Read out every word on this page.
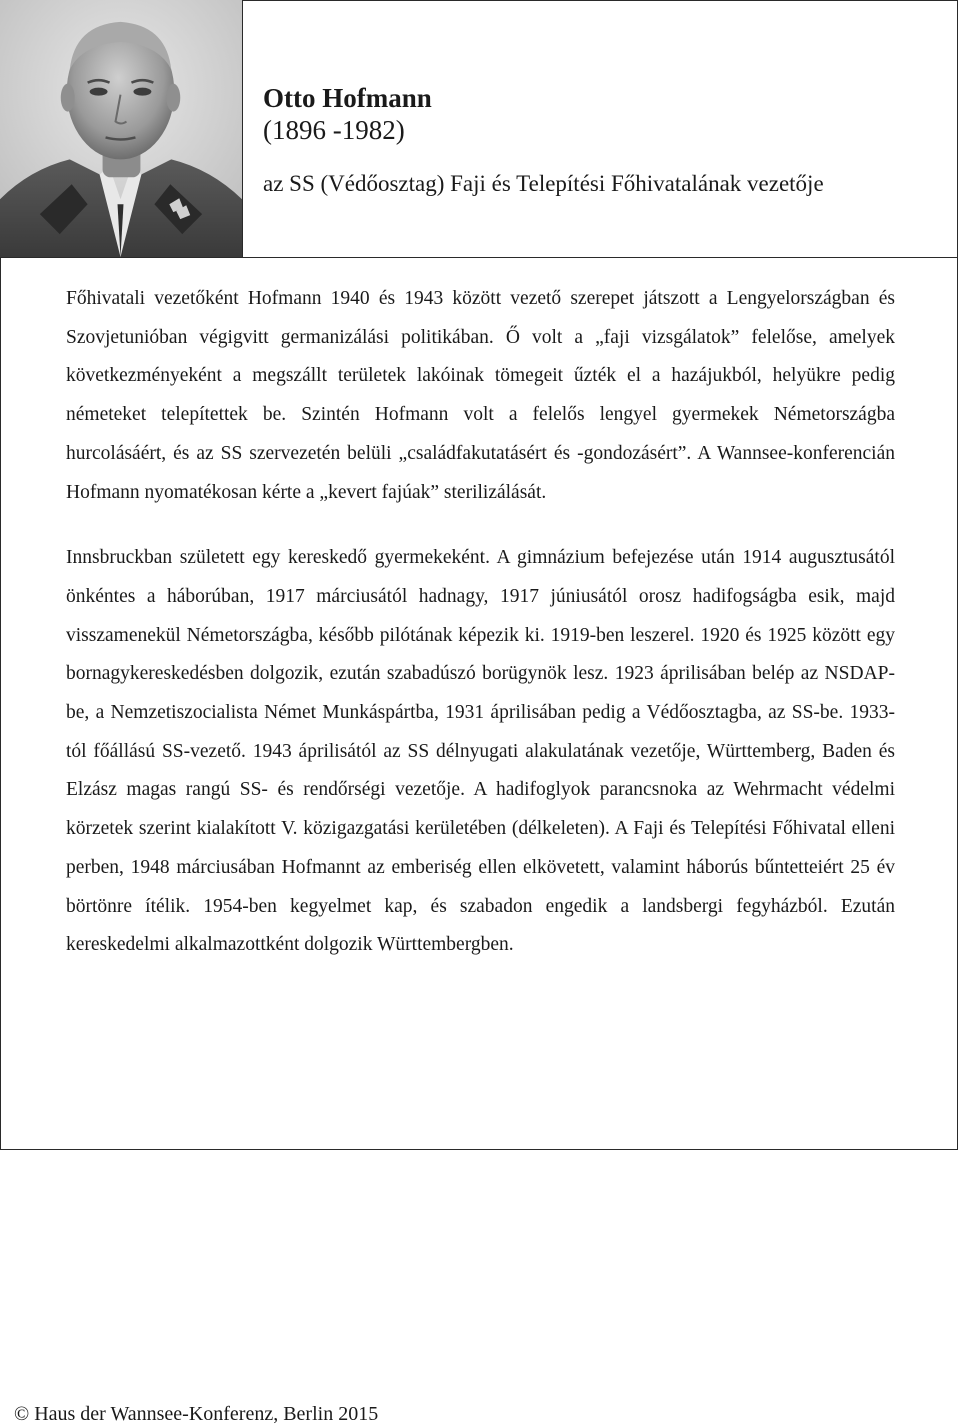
Otto Hofmann
(1896 -1982)
az SS (Védőosztag) Faji és Telepítési Főhivatalának vezetője

Főhivatali vezetőként Hofmann 1940 és 1943 között vezető szerepet játszott a Lengyelországban és Szovjetunióban végigvitt germanizálási politikában. Ő volt a „faji vizsgálatok” felelőse, amelyek következményeként a megszállt területek lakóinak tömegeit űzték el a hazájukból, helyükre pedig németeket telepítettek be. Szintén Hofmann volt a felelős lengyel gyermekek Németországba hurcolásáért, és az SS szervezetén belüli „családfakutatásért és -gondozásért”. A Wannsee-konferencián Hofmann nyomatékosan kérte a „kevert fajúak” sterilizálását.

Innsbruckban született egy kereskedő gyermekeként. A gimnázium befejezése után 1914 augusztusától önkéntes a háborúban, 1917 márciusától hadnagy, 1917 júniusától orosz hadifogságba esik, majd visszamenekül Németországba, később pilótának képezik ki. 1919-ben leszerel. 1920 és 1925 között egy bornagykereskedésben dolgozik, ezután szabadúszó borügynök lesz. 1923 áprilisában belép az NSDAP-be, a Nemzetiszocialista Német Munkáspártba, 1931 áprilisában pedig a Védőosztagba, az SS-be. 1933-tól főállású SS-vezető. 1943 áprilisától az SS délnyugati alakulatának vezetője, Württemberg, Baden és Elzász magas rangú SS- és rendőrségi vezetője. A hadifoglyok parancsnoka az Wehrmacht védelmi körzetek szerint kialakított V. közigazgatási kerületében (délkeleten). A Faji és Telepítési Főhivatal elleni perben, 1948 márciusában Hofmannt az emberiség ellen elkövetett, valamint háborús bűntetteiért 25 év börtönre ítélik. 1954-ben kegyelmet kap, és szabadon engedik a landsbergi fegyházból. Ezután kereskedelmi alkalmazottként dolgozik Württembergben.

© Haus der Wannsee-Konferenz, Berlin 2015
